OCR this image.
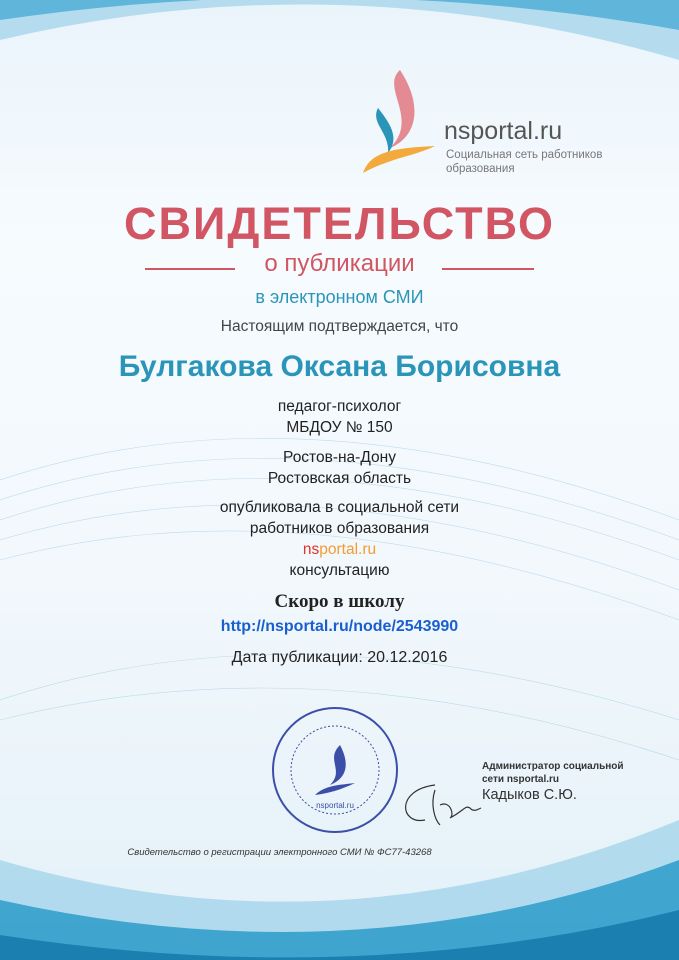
nsportal.ru
Социальная сеть работников образования
СВИДЕТЕЛЬСТВО
о публикации
в электронном СМИ
Настоящим подтверждается, что
Булгакова Оксана Борисовна
педагог-психолог
МБДОУ № 150
Ростов-на-Дону
Ростовская область
опубликовала в социальной сети
работников образования
nsportal.ru
консультацию
Скоро в школу
http://nsportal.ru/node/2543990
Дата публикации: 20.12.2016
nsportal.ru
Администратор социальной
сети nsportal.ru
Кадыков С.Ю.
Свидетельство о регистрации электронного СМИ № ФС77-43268
